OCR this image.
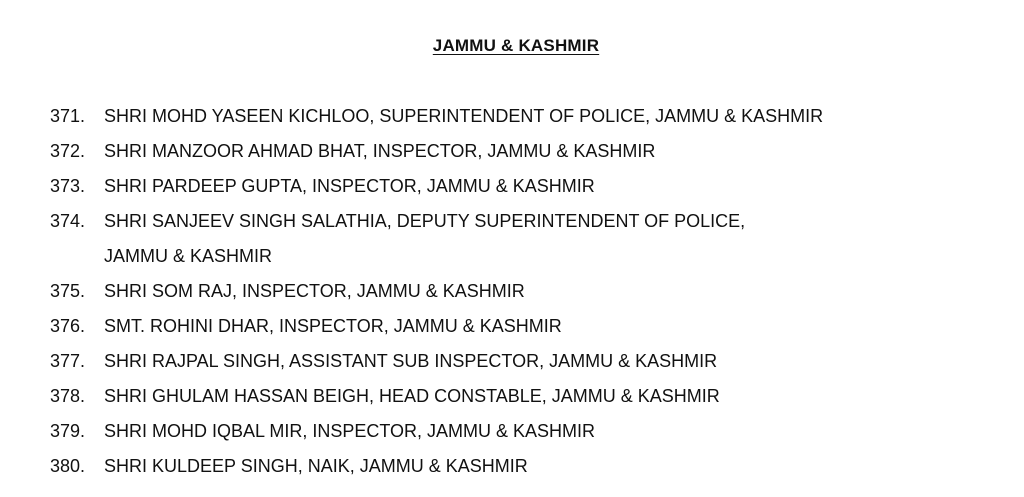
JAMMU & KASHMIR
371.	SHRI MOHD YASEEN KICHLOO, SUPERINTENDENT OF POLICE, JAMMU & KASHMIR
372.	SHRI MANZOOR AHMAD BHAT, INSPECTOR, JAMMU & KASHMIR
373.	SHRI PARDEEP GUPTA, INSPECTOR, JAMMU & KASHMIR
374.	SHRI SANJEEV SINGH SALATHIA, DEPUTY SUPERINTENDENT OF POLICE,
JAMMU & KASHMIR
375.	SHRI SOM RAJ, INSPECTOR, JAMMU & KASHMIR
376.	SMT. ROHINI DHAR, INSPECTOR, JAMMU & KASHMIR
377.	SHRI RAJPAL SINGH, ASSISTANT SUB INSPECTOR, JAMMU & KASHMIR
378.	SHRI GHULAM HASSAN BEIGH, HEAD CONSTABLE, JAMMU & KASHMIR
379.	SHRI MOHD IQBAL MIR, INSPECTOR, JAMMU & KASHMIR
380.	SHRI KULDEEP SINGH, NAIK, JAMMU & KASHMIR
